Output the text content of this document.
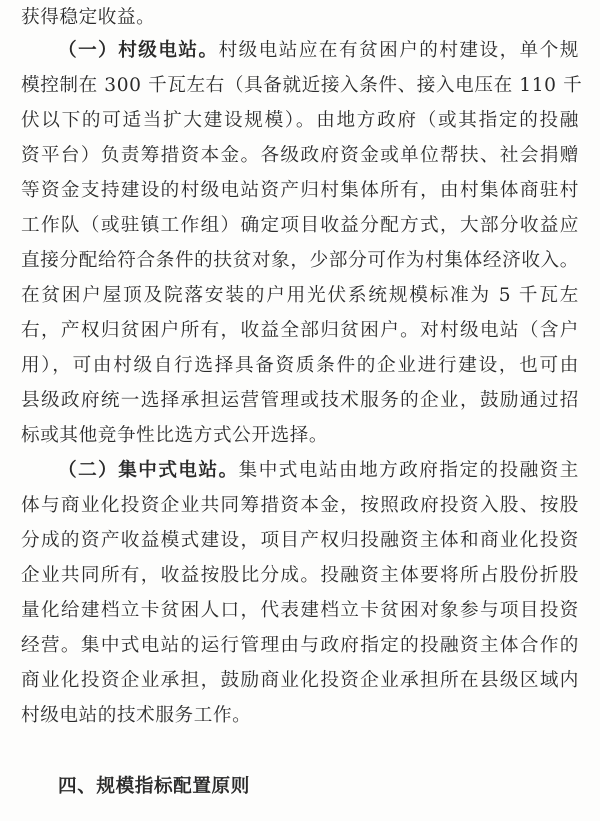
获得稳定收益。
（一）村级电站。村级电站应在有贫困户的村建设，单个规
模控制在 300 千瓦左右（具备就近接入条件、接入电压在 110 千
伏以下的可适当扩大建设规模）。由地方政府（或其指定的投融
资平台）负责筹措资本金。各级政府资金或单位帮扶、社会捐赠
等资金支持建设的村级电站资产归村集体所有，由村集体商驻村
工作队（或驻镇工作组）确定项目收益分配方式，大部分收益应
直接分配给符合条件的扶贫对象，少部分可作为村集体经济收入。
在贫困户屋顶及院落安装的户用光伏系统规模标准为 5 千瓦左
右，产权归贫困户所有，收益全部归贫困户。对村级电站（含户
用），可由村级自行选择具备资质条件的企业进行建设，也可由
县级政府统一选择承担运营管理或技术服务的企业，鼓励通过招
标或其他竞争性比选方式公开选择。
（二）集中式电站。集中式电站由地方政府指定的投融资主
体与商业化投资企业共同筹措资本金，按照政府投资入股、按股
分成的资产收益模式建设，项目产权归投融资主体和商业化投资
企业共同所有，收益按股比分成。投融资主体要将所占股份折股
量化给建档立卡贫困人口，代表建档立卡贫困对象参与项目投资
经营。集中式电站的运行管理由与政府指定的投融资主体合作的
商业化投资企业承担，鼓励商业化投资企业承担所在县级区域内
村级电站的技术服务工作。
四、规模指标配置原则
